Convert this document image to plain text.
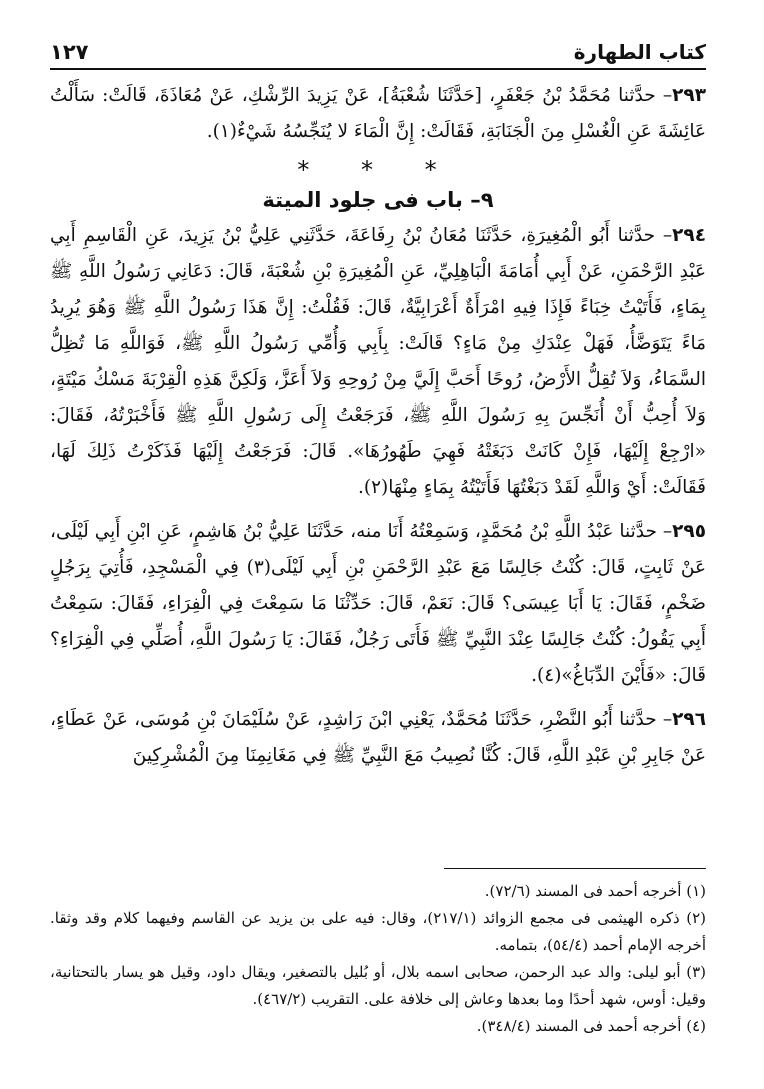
كتاب الطهارة
١٢٧

٢٩٣– حدَّثنا مُحَمَّدُ بْنُ جَعْفَرٍ، [حَدَّثَنَا شُعْبَةُ]، عَنْ يَزِيدَ الرِّشْكِ، عَنْ مُعَاذَةَ، قَالَتْ: سَأَلْتُ عَائِشَةَ عَنِ الْغُسْلِ مِنَ الْجَنَابَةِ، فَقَالَتْ: إِنَّ الْمَاءَ لا يُنَجِّسُهُ شَيْءٌ(١).

* * *
٩– باب فى جلود الميتة

٢٩٤– حدَّثنا أَبُو الْمُغِيرَةِ، حَدَّثَنَا مُعَانُ بْنُ رِفَاعَةَ، حَدَّثَنِي عَلِيُّ بْنُ يَزِيدَ، عَنِ الْقَاسِمِ أَبِي عَبْدِ الرَّحْمَنِ، عَنْ أَبِي أُمَامَةَ الْبَاهِلِيِّ، عَنِ الْمُغِيرَةِ بْنِ شُعْبَةَ، قَالَ: دَعَانِي رَسُولُ اللَّهِ ﷺ بِمَاءٍ، فَأَتَيْتُ خِبَاءً فَإِذَا فِيهِ امْرَأَةٌ أَعْرَابِيَّةٌ، قَالَ: فَقُلْتُ: إِنَّ هَذَا رَسُولُ اللَّهِ ﷺ وَهُوَ يُرِيدُ مَاءً يَتَوَضَّأُ، فَهَلْ عِنْدَكِ مِنْ مَاءٍ؟ قَالَتْ: بِأَبِي وَأُمِّي رَسُولُ اللَّهِ ﷺ، فَوَاللَّهِ مَا تُظِلُّ السَّمَاءُ، وَلاَ تُقِلُّ الأَرْضُ، رُوحًا أَحَبَّ إِلَيَّ مِنْ رُوحِهِ وَلاَ أَعَزَّ، وَلَكِنَّ هَذِهِ الْقِرْبَةَ مَسْكُ مَيْتَةٍ، وَلاَ أُحِبُّ أَنْ أُنَجِّسَ بِهِ رَسُولَ اللَّهِ ﷺ، فَرَجَعْتُ إِلَى رَسُولِ اللَّهِ ﷺ فَأَخْبَرْتُهُ، فَقَالَ: «ارْجِعْ إِلَيْهَا، فَإِنْ كَانَتْ دَبَغَتْهُ فَهِيَ طَهُورُهَا». قَالَ: فَرَجَعْتُ إِلَيْهَا فَذَكَرْتُ ذَلِكَ لَهَا، فَقَالَتْ: أَيْ وَاللَّهِ لَقَدْ دَبَغْتُهَا فَأَتَيْتُهُ بِمَاءٍ مِنْهَا(٢).

٢٩٥– حدَّثنا عَبْدُ اللَّهِ بْنُ مُحَمَّدٍ، وَسَمِعْتُهُ أَنَا منه، حَدَّثَنَا عَلِيُّ بْنُ هَاشِمٍ، عَنِ ابْنِ أَبِي لَيْلَى، عَنْ ثَابِتٍ، قَالَ: كُنْتُ جَالِسًا مَعَ عَبْدِ الرَّحْمَنِ بْنِ أَبِي لَيْلَى(٣) فِي الْمَسْجِدِ، فَأُتِيَ بِرَجُلٍ ضَخْمٍ، فَقَالَ: يَا أَبَا عِيسَى؟ قَالَ: نَعَمْ، قَالَ: حَدِّثْنَا مَا سَمِعْتَ فِي الْفِرَاءِ، فَقَالَ: سَمِعْتُ أَبِي يَقُولُ: كُنْتُ جَالِسًا عِنْدَ النَّبِيِّ ﷺ فَأَتَى رَجُلٌ، فَقَالَ: يَا رَسُولَ اللَّهِ، أُصَلِّي فِي الْفِرَاءِ؟ قَالَ: «فَأَيْنَ الدِّبَاغُ»(٤).

٢٩٦– حدَّثنا أَبُو النَّضْرِ، حَدَّثَنَا مُحَمَّدٌ، يَعْنِي ابْنَ رَاشِدٍ، عَنْ سُلَيْمَانَ بْنِ مُوسَى، عَنْ عَطَاءٍ، عَنْ جَابِرِ بْنِ عَبْدِ اللَّهِ، قَالَ: كُنَّا نُصِيبُ مَعَ النَّبِيِّ ﷺ فِي مَغَانِمِنَا مِنَ الْمُشْرِكِينَ

(١) أخرجه أحمد فى المسند (٧٢/٦).

(٢) ذكره الهيثمى فى مجمع الزوائد (٢١٧/١)، وقال: فيه على بن يزيد عن القاسم وفيهما كلام وقد وثقا. أخرجه الإمام أحمد (٥٤/٤)، بتمامه.

(٣) أبو ليلى: والد عبد الرحمن، صحابى اسمه بلال، أو بُليل بالتصغير، ويقال داود، وقيل هو يسار بالتحتانية، وقيل: أوس، شهد أحدًا وما بعدها وعاش إلى خلافة على. التقريب (٤٦٧/٢).

(٤) أخرجه أحمد فى المسند (٣٤٨/٤).
